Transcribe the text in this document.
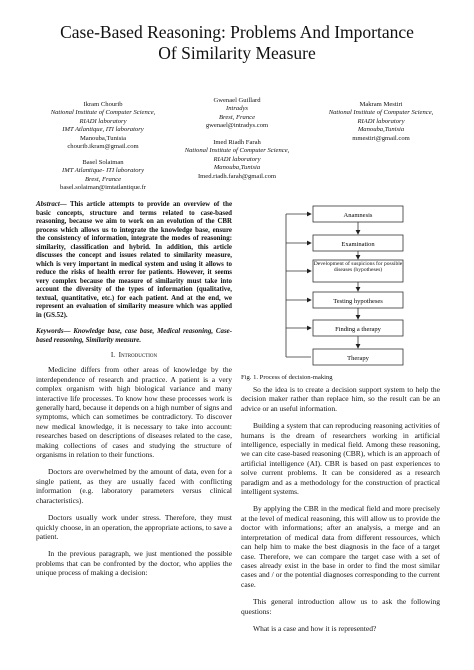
Case-Based Reasoning: Problems And Importance
Of Similarity Measure
Ikram Chourib
National Institute of Computer Science,
RIADI laboratory
IMT Atlantique, ITI laboratory
Manouba,Tunisia
chourib.ikram@gmail.com
Gwenael Guillard
Intradys
Brest, France
gwenael@intradys.com
Makram Mestiri
National Institute of Computer Science,
RIADI laboratory
Manouba,Tunisia
mmestiri@gmail.com
Basel Solaiman
IMT Atlantique- ITI laboratory
Brest, France
basel.solaiman@imtatlantique.fr
Imed Riadh Farah
National Institute of Computer Science,
RIADI laboratory
Manouba,Tunisia
Imed.riadh.farah@gmail.com

Abstract— This article attempts to provide an overview of the basic concepts, structure and terms related to case-based reasoning, because we aim to work on an evolution of the CBR process which allows us to integrate the knowledge base, ensure the consistency of information, integrate the modes of reasoning: similarity, classification and hybrid. In addition, this article discusses the concept and issues related to similarity measure, which is very important in medical system and using it allows to reduce the risks of health error for patients. However, it seems very complex because the measure of similarity must take into account the diversity of the types of information (qualitative, textual, quantitative, etc.) for each patient. And at the end, we represent an evaluation of similarity measure which was applied in (GS.52).

Keywords— Knowledge base, case base, Medical reasoning, Case-based reasoning, Similarity measure.

I. Introduction

Medicine differs from other areas of knowledge by the interdependence of research and practice. A patient is a very complex organism with high biological variance and many interactive life processes. To know how these processes work is generally hard, because it depends on a high number of signs and symptoms, which can sometimes be contradictory. To discover new medical knowledge, it is necessary to take into account: researches based on descriptions of diseases related to the case, making collections of cases and studying the structure of organisms in relation to their functions.

Doctors are overwhelmed by the amount of data, even for a single patient, as they are usually faced with conflicting information (e.g. laboratory parameters versus clinical characteristics).

Doctors usually work under stress. Therefore, they must quickly choose, in an operation, the appropriate actions, to save a patient.

In the previous paragraph, we just mentioned the possible problems that can be confronted by the doctor, who applies the unique process of making a decision:

Anamnesis
Examination
Development of suspicions for possible diseases (hypotheses)
Testing hypotheses
Finding a therapy
Therapy
Fig. 1. Process of decision-making

So the idea is to create a decision support system to help the decision maker rather than replace him, so the result can be an advice or an useful information.

Building a system that can reproducing reasoning activities of humans is the dream of researchers working in artificial intelligence, especially in medical field. Among these reasoning, we can cite case-based reasoning (CBR), which is an approach of artificial intelligence (AI). CBR is based on past experiences to solve current problems. It can be considered as a research paradigm and as a methodology for the construction of practical intelligent systems.

By applying the CBR in the medical field and more precisely at the level of medical reasoning, this will allow us to provide the doctor with informations; after an analysis, a merge and an interpretation of medical data from different ressources, which can help him to make the best diagnosis in the face of a target case. Therefore, we can compare the target case with a set of cases already exist in the base in order to find the most similar cases and / or the potential diagnoses corresponding to the current case.

This general introduction allow us to ask the following questions:

What is a case and how it is represented?
